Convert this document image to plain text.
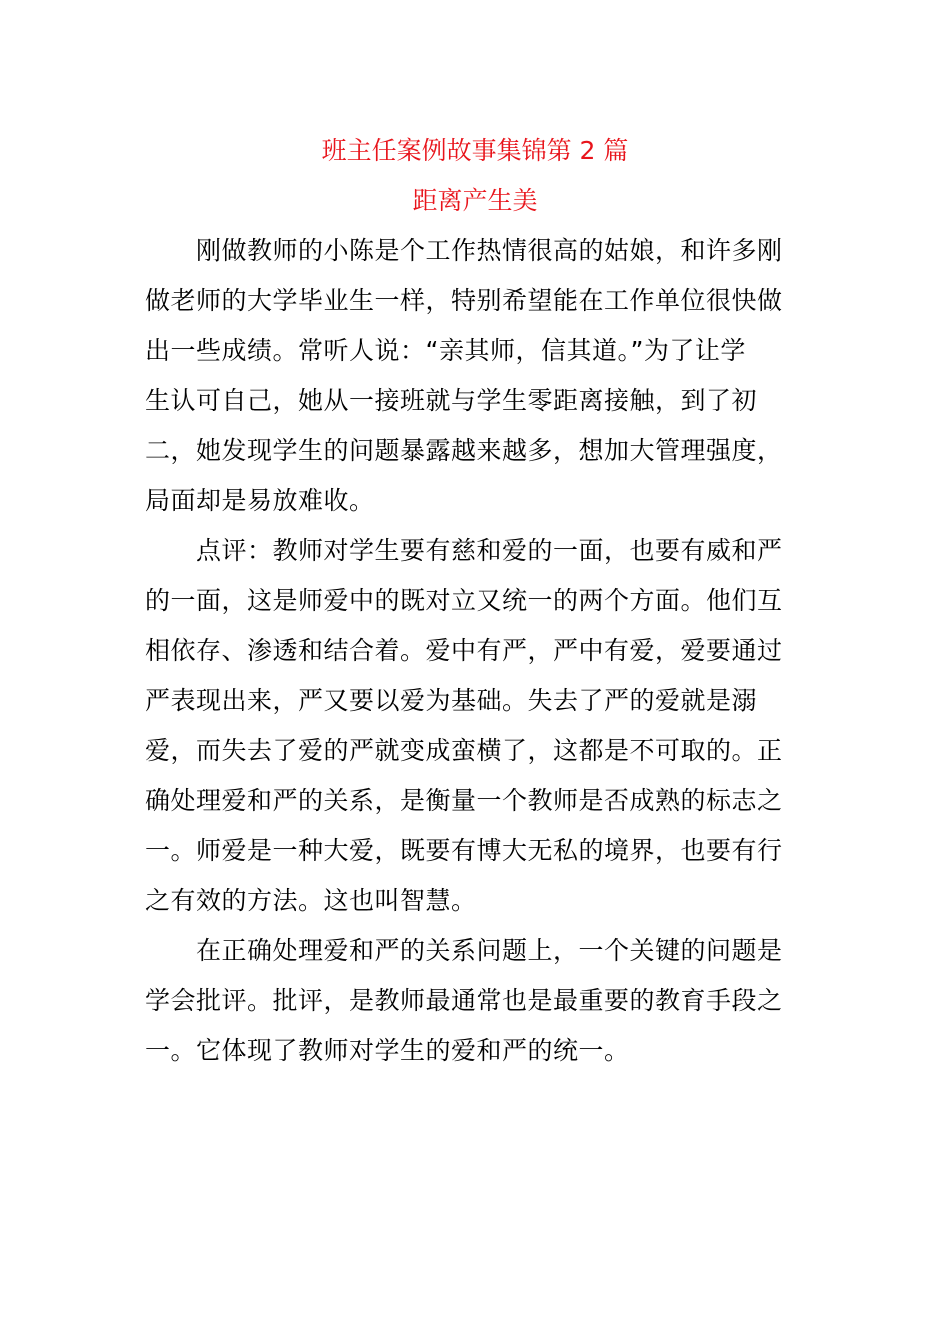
班主任案例故事集锦第 2 篇
距离产生美
刚做教师的小陈是个工作热情很高的姑娘，和许多刚
做老师的大学毕业生一样，特别希望能在工作单位很快做
出一些成绩。常听人说：“亲其师，信其道。”为了让学
生认可自己，她从一接班就与学生零距离接触，到了初
二，她发现学生的问题暴露越来越多，想加大管理强度，
局面却是易放难收。
点评：教师对学生要有慈和爱的一面，也要有威和严
的一面，这是师爱中的既对立又统一的两个方面。他们互
相依存、渗透和结合着。爱中有严，严中有爱，爱要通过
严表现出来，严又要以爱为基础。失去了严的爱就是溺
爱，而失去了爱的严就变成蛮横了，这都是不可取的。正
确处理爱和严的关系，是衡量一个教师是否成熟的标志之
一。师爱是一种大爱，既要有博大无私的境界，也要有行
之有效的方法。这也叫智慧。
在正确处理爱和严的关系问题上，一个关键的问题是
学会批评。批评，是教师最通常也是最重要的教育手段之
一。它体现了教师对学生的爱和严的统一。
